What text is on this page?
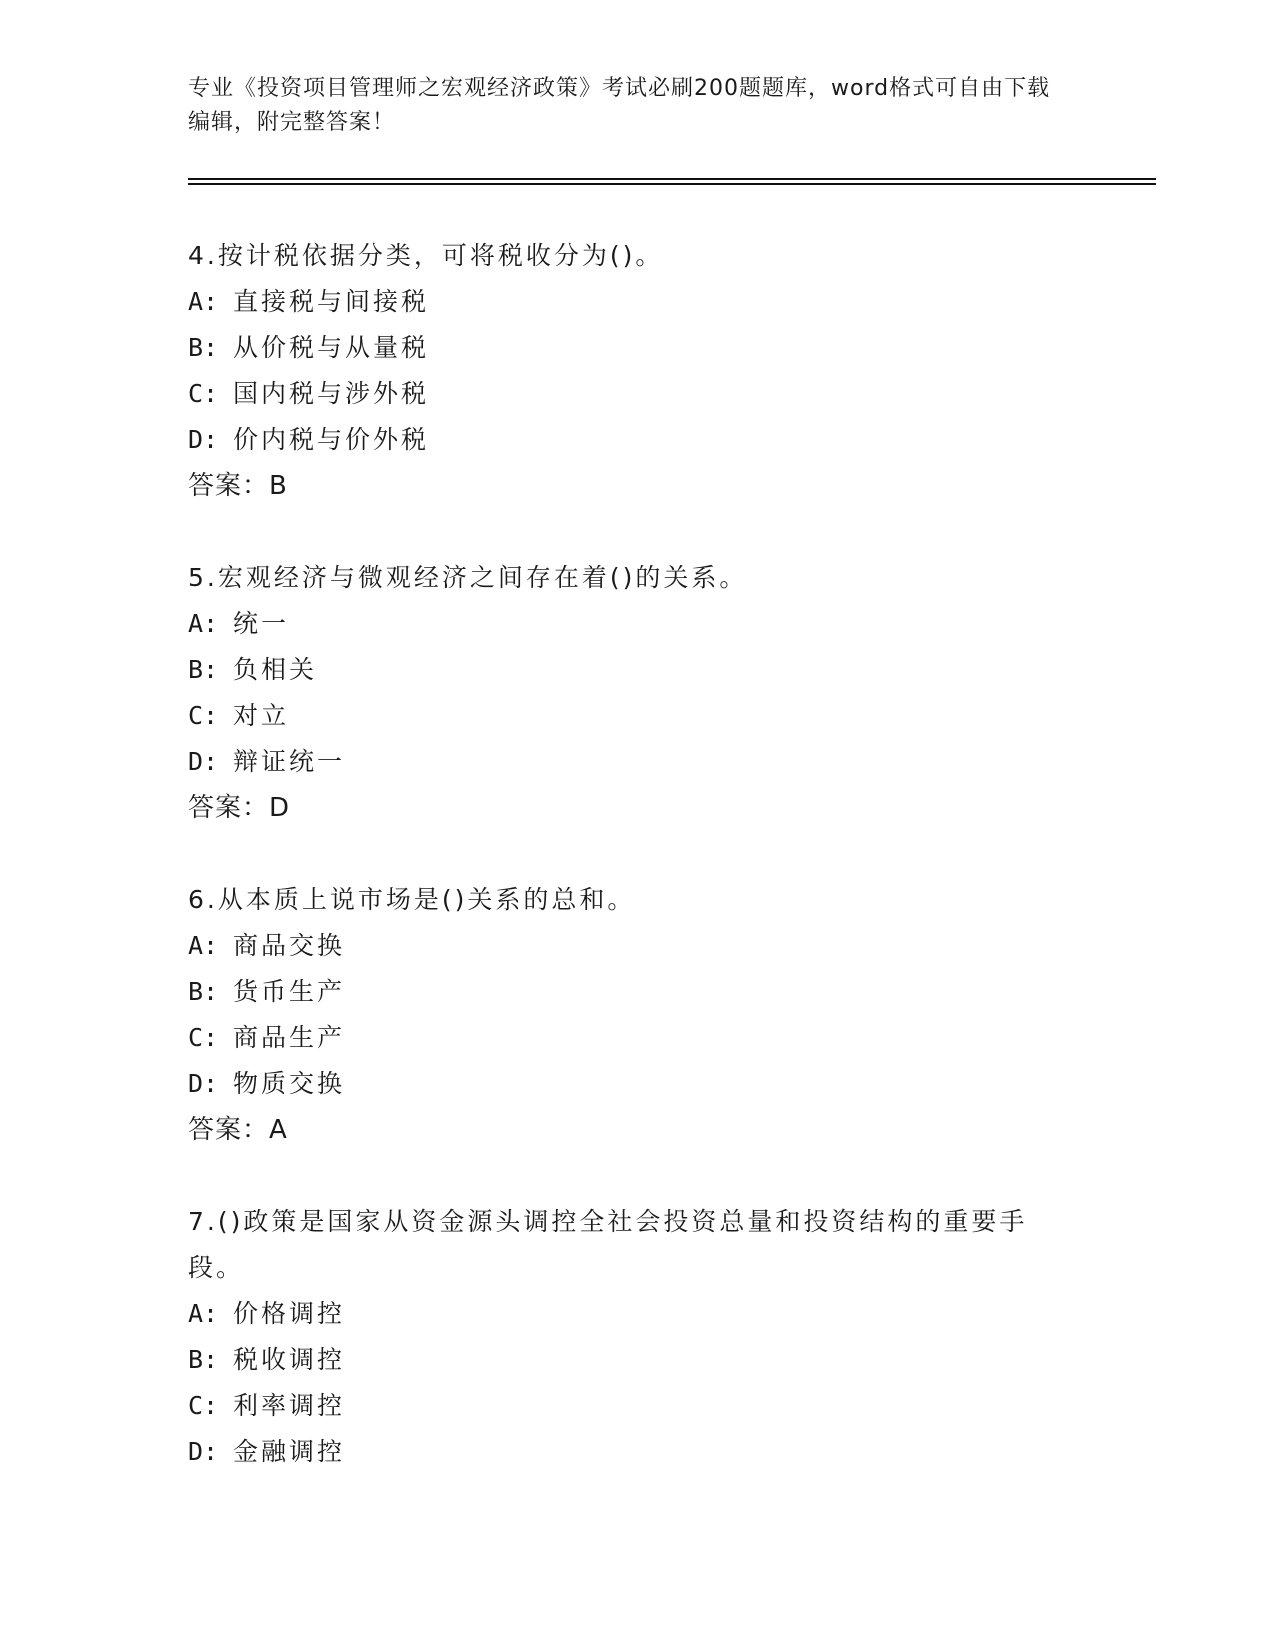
专业《投资项目管理师之宏观经济政策》考试必刷200题题库，word格式可自由下载编辑，附完整答案！

4.按计税依据分类，可将税收分为()。

A: 直接税与间接税

B: 从价税与从量税

C: 国内税与涉外税

D: 价内税与价外税

答案：B

5.宏观经济与微观经济之间存在着()的关系。

A: 统一

B: 负相关

C: 对立

D: 辩证统一

答案：D

6.从本质上说市场是()关系的总和。

A: 商品交换

B: 货币生产

C: 商品生产

D: 物质交换

答案：A

7.()政策是国家从资金源头调控全社会投资总量和投资结构的重要手段。

A: 价格调控

B: 税收调控

C: 利率调控

D: 金融调控
